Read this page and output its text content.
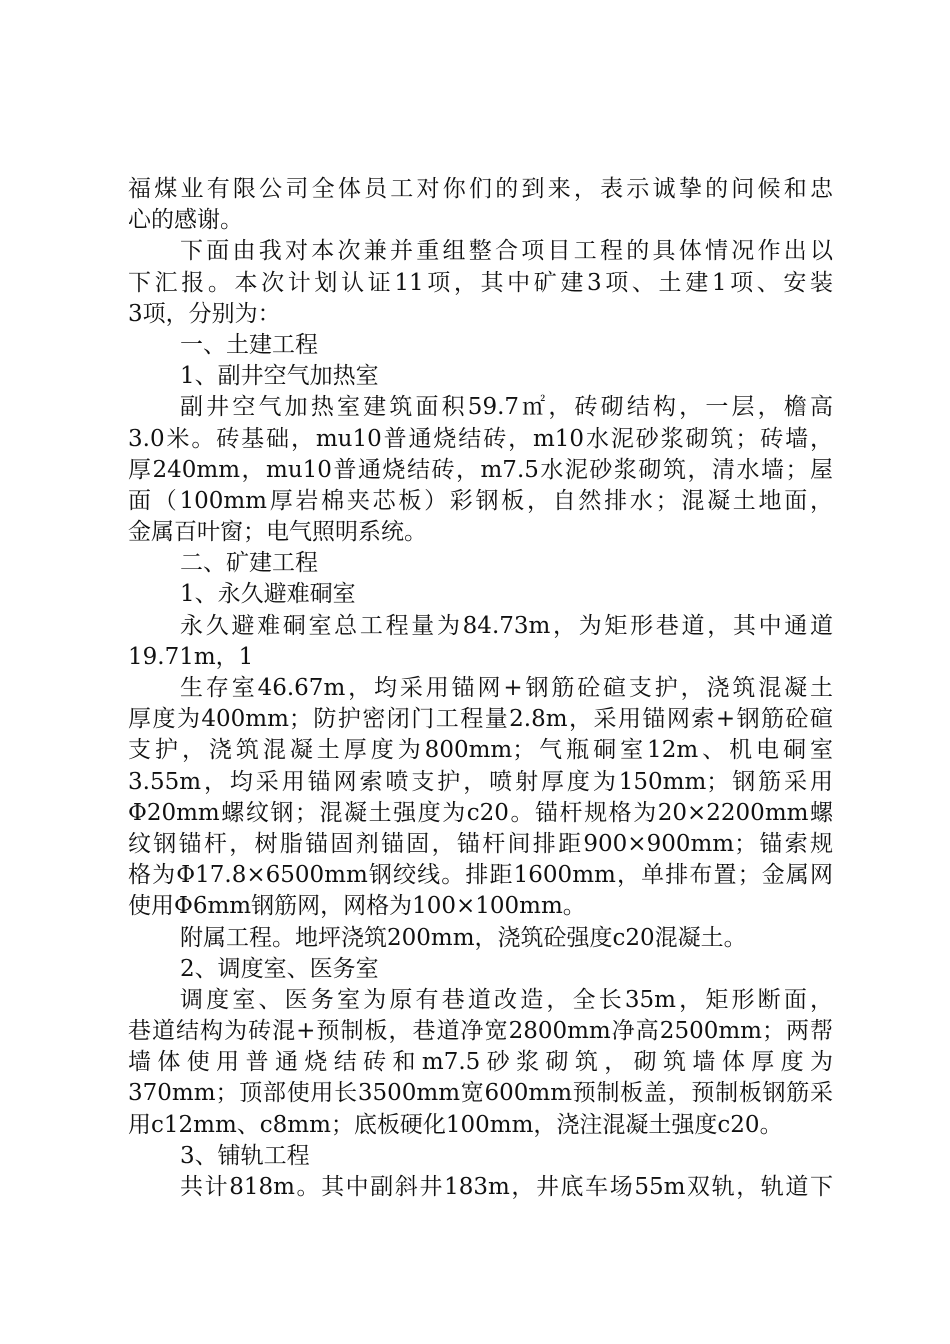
福煤业有限公司全体员工对你们的到来，表示诚挚的问候和忠
心的感谢。
下面由我对本次兼并重组整合项目工程的具体情况作出以
下汇报。本次计划认证11项，其中矿建3项、土建1项、安装
3项，分别为：
一、土建工程
1、副井空气加热室
副井空气加热室建筑面积59.7㎡，砖砌结构，一层，檐高
3.0米。砖基础，mu10普通烧结砖，m10水泥砂浆砌筑；砖墙，
厚240mm，mu10普通烧结砖，m7.5水泥砂浆砌筑，清水墙；屋
面（100mm厚岩棉夹芯板）彩钢板，自然排水；混凝土地面，
金属百叶窗；电气照明系统。
二、矿建工程
1、永久避难硐室
永久避难硐室总工程量为84.73m，为矩形巷道，其中通道
19.71m，1
生存室46.67m，均采用锚网+钢筋砼碹支护，浇筑混凝土
厚度为400mm；防护密闭门工程量2.8m，采用锚网索+钢筋砼碹
支护，浇筑混凝土厚度为800mm；气瓶硐室12m、机电硐室
3.55m，均采用锚网索喷支护，喷射厚度为150mm；钢筋采用
Φ20mm螺纹钢；混凝土强度为c20。锚杆规格为20×2200mm螺
纹钢锚杆，树脂锚固剂锚固，锚杆间排距900×900mm；锚索规
格为Φ17.8×6500mm钢绞线。排距1600mm，单排布置；金属网
使用Φ6mm钢筋网，网格为100×100mm。
附属工程。地坪浇筑200mm，浇筑砼强度c20混凝土。
2、调度室、医务室
调度室、医务室为原有巷道改造，全长35m，矩形断面，
巷道结构为砖混+预制板，巷道净宽2800mm净高2500mm；两帮
墙体使用普通烧结砖和m7.5砂浆砌筑，砌筑墙体厚度为
370mm；顶部使用长3500mm宽600mm预制板盖，预制板钢筋采
用c12mm、c8mm；底板硬化100mm，浇注混凝土强度c20。
3、铺轨工程
共计818m。其中副斜井183m，井底车场55m双轨，轨道下
